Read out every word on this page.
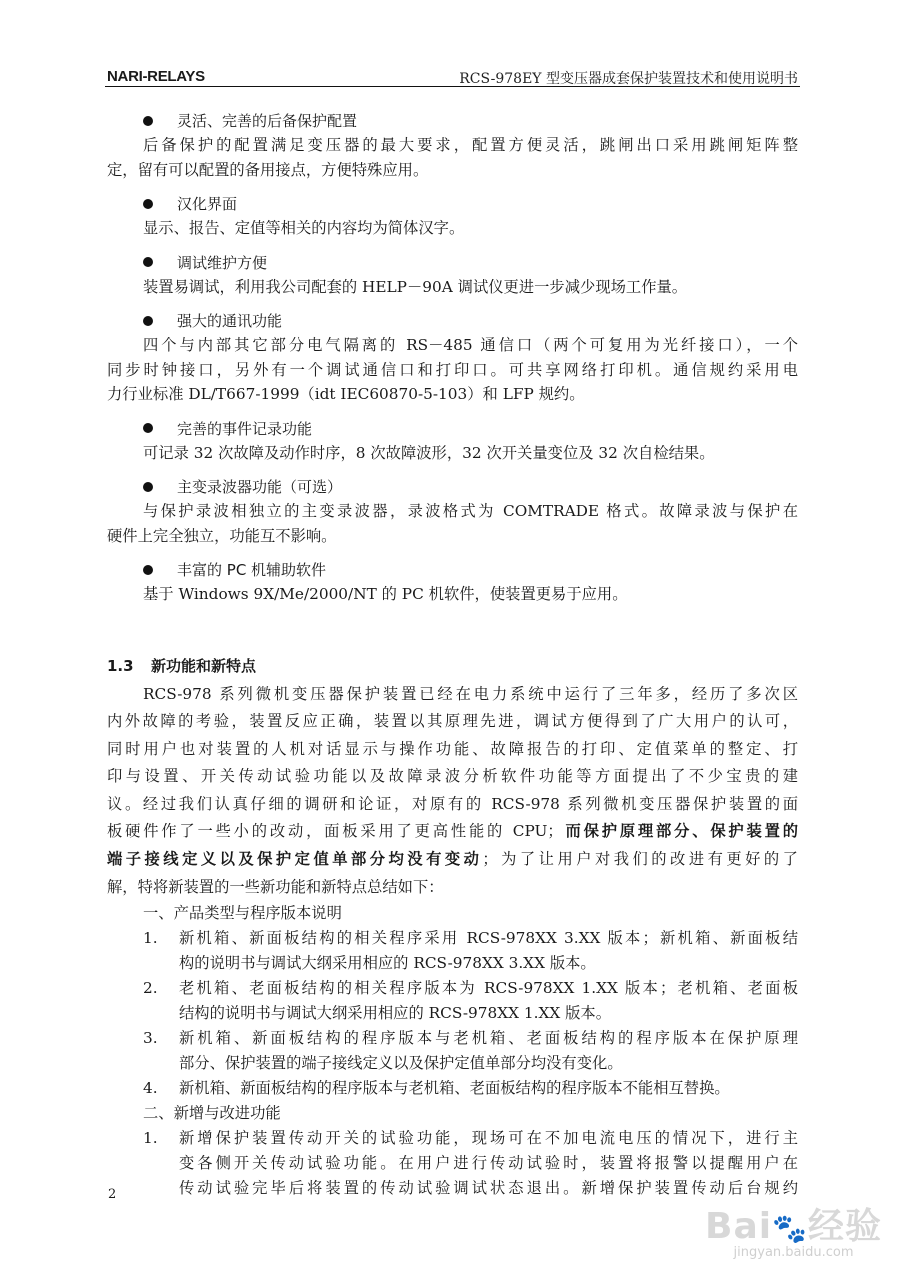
NARI-RELAYS	RCS-978EY 型变压器成套保护装置技术和使用说明书
灵活、完善的后备保护配置
后备保护的配置满足变压器的最大要求，配置方便灵活，跳闸出口采用跳闸矩阵整
定，留有可以配置的备用接点，方便特殊应用。
汉化界面
显示、报告、定值等相关的内容均为简体汉字。
调试维护方便
装置易调试，利用我公司配套的 HELP－90A 调试仪更进一步减少现场工作量。
强大的通讯功能
四个与内部其它部分电气隔离的 RS－485 通信口（两个可复用为光纤接口），一个
同步时钟接口，另外有一个调试通信口和打印口。可共享网络打印机。通信规约采用电
力行业标准 DL/T667-1999（idt IEC60870-5-103）和 LFP 规约。
完善的事件记录功能
可记录 32 次故障及动作时序，8 次故障波形，32 次开关量变位及 32 次自检结果。
主变录波器功能（可选）
与保护录波相独立的主变录波器，录波格式为 COMTRADE 格式。故障录波与保护在
硬件上完全独立，功能互不影响。
丰富的 PC 机辅助软件
基于 Windows 9X/Me/2000/NT 的 PC 机软件，使装置更易于应用。
1.3 新功能和新特点
RCS-978 系列微机变压器保护装置已经在电力系统中运行了三年多，经历了多次区
内外故障的考验，装置反应正确，装置以其原理先进，调试方便得到了广大用户的认可，
同时用户也对装置的人机对话显示与操作功能、故障报告的打印、定值菜单的整定、打
印与设置、开关传动试验功能以及故障录波分析软件功能等方面提出了不少宝贵的建
议。经过我们认真仔细的调研和论证，对原有的 RCS-978 系列微机变压器保护装置的面
板硬件作了一些小的改动，面板采用了更高性能的 CPU；而保护原理部分、保护装置的
端子接线定义以及保护定值单部分均没有变动；为了让用户对我们的改进有更好的了
解，特将新装置的一些新功能和新特点总结如下：
一、产品类型与程序版本说明
1.	新机箱、新面板结构的相关程序采用 RCS-978XX 3.XX 版本；新机箱、新面板结
构的说明书与调试大纲采用相应的 RCS-978XX 3.XX 版本。
2.	老机箱、老面板结构的相关程序版本为 RCS-978XX 1.XX 版本；老机箱、老面板
结构的说明书与调试大纲采用相应的 RCS-978XX 1.XX 版本。
3.	新机箱、新面板结构的程序版本与老机箱、老面板结构的程序版本在保护原理
部分、保护装置的端子接线定义以及保护定值单部分均没有变化。
4.	新机箱、新面板结构的程序版本与老机箱、老面板结构的程序版本不能相互替换。
二、新增与改进功能
1.	新增保护装置传动开关的试验功能，现场可在不加电流电压的情况下，进行主
变各侧开关传动试验功能。在用户进行传动试验时，装置将报警以提醒用户在
传动试验完毕后将装置的传动试验调试状态退出。新增保护装置传动后台规约
2
Bai🐾经验
jingyan.baidu.com
